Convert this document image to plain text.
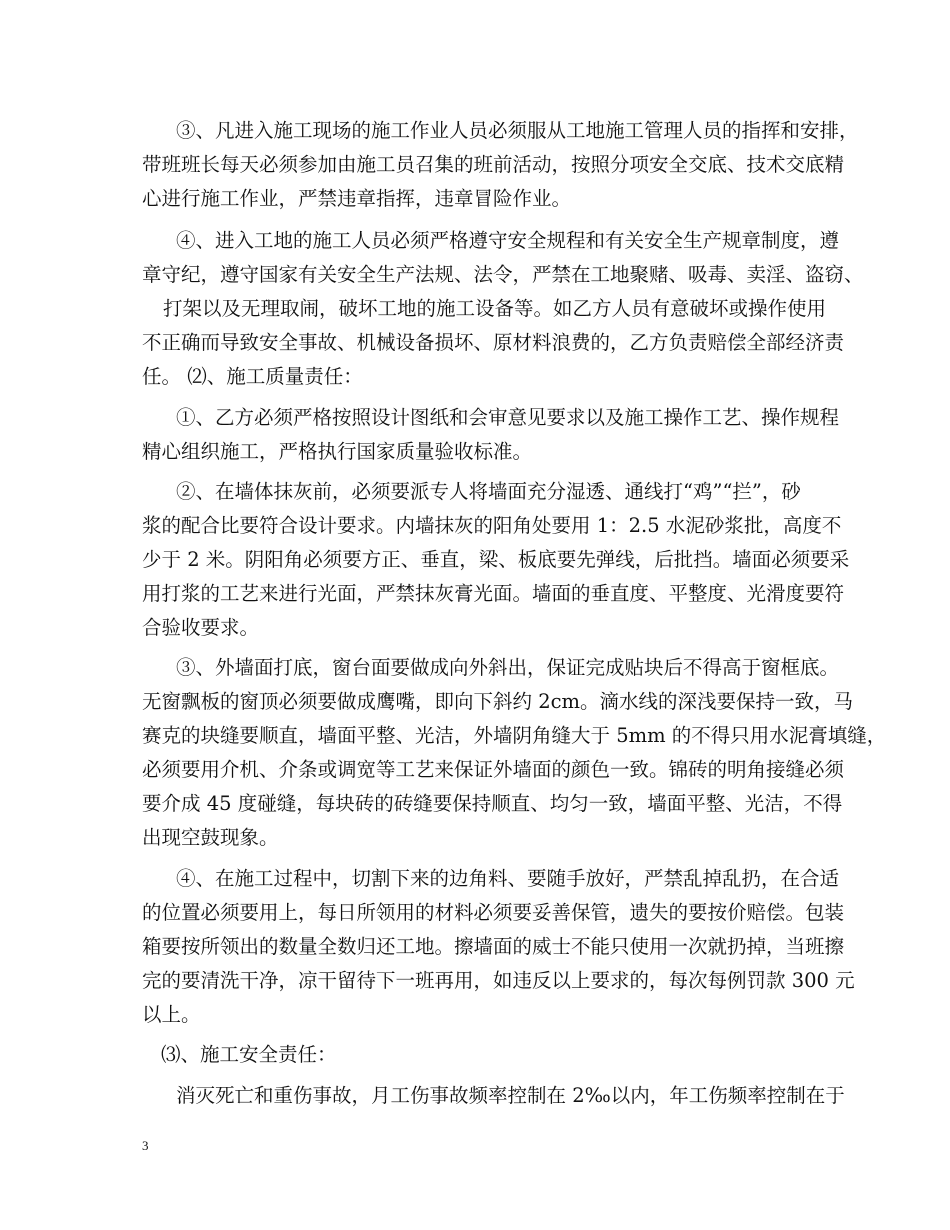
③、凡进入施工现场的施工作业人员必须服从工地施工管理人员的指挥和安排，
带班班长每天必须参加由施工员召集的班前活动，按照分项安全交底、技术交底精
心进行施工作业，严禁违章指挥，违章冒险作业。
④、进入工地的施工人员必须严格遵守安全规程和有关安全生产规章制度，遵
章守纪，遵守国家有关安全生产法规、法令，严禁在工地聚赌、吸毒、卖淫、盗窃、
打架以及无理取闹，破坏工地的施工设备等。如乙方人员有意破坏或操作使用
不正确而导致安全事故、机械设备损坏、原材料浪费的，乙方负责赔偿全部经济责
任。 ⑵、施工质量责任：
①、乙方必须严格按照设计图纸和会审意见要求以及施工操作工艺、操作规程
精心组织施工，严格执行国家质量验收标准。
②、在墙体抹灰前，必须要派专人将墙面充分湿透、通线打“鸡”“拦”，砂
浆的配合比要符合设计要求。内墙抹灰的阳角处要用 1：2.5 水泥砂浆批，高度不
少于 2 米。阴阳角必须要方正、垂直，梁、板底要先弹线，后批挡。墙面必须要采
用打浆的工艺来进行光面，严禁抹灰膏光面。墙面的垂直度、平整度、光滑度要符
合验收要求。
③、外墙面打底，窗台面要做成向外斜出，保证完成贴块后不得高于窗框底。
无窗飘板的窗顶必须要做成鹰嘴，即向下斜约 2cm。滴水线的深浅要保持一致，马
赛克的块缝要顺直，墙面平整、光洁，外墙阴角缝大于 5mm 的不得只用水泥膏填缝，
必须要用介机、介条或调宽等工艺来保证外墙面的颜色一致。锦砖的明角接缝必须
要介成 45 度碰缝，每块砖的砖缝要保持顺直、均匀一致，墙面平整、光洁，不得
出现空鼓现象。
④、在施工过程中，切割下来的边角料、要随手放好，严禁乱掉乱扔，在合适
的位置必须要用上，每日所领用的材料必须要妥善保管，遗失的要按价赔偿。包装
箱要按所领出的数量全数归还工地。擦墙面的威士不能只使用一次就扔掉，当班擦
完的要清洗干净，凉干留待下一班再用，如违反以上要求的，每次每例罚款 300 元
以上。
⑶、施工安全责任：
消灭死亡和重伤事故，月工伤事故频率控制在 2‰以内，年工伤频率控制在于
3
